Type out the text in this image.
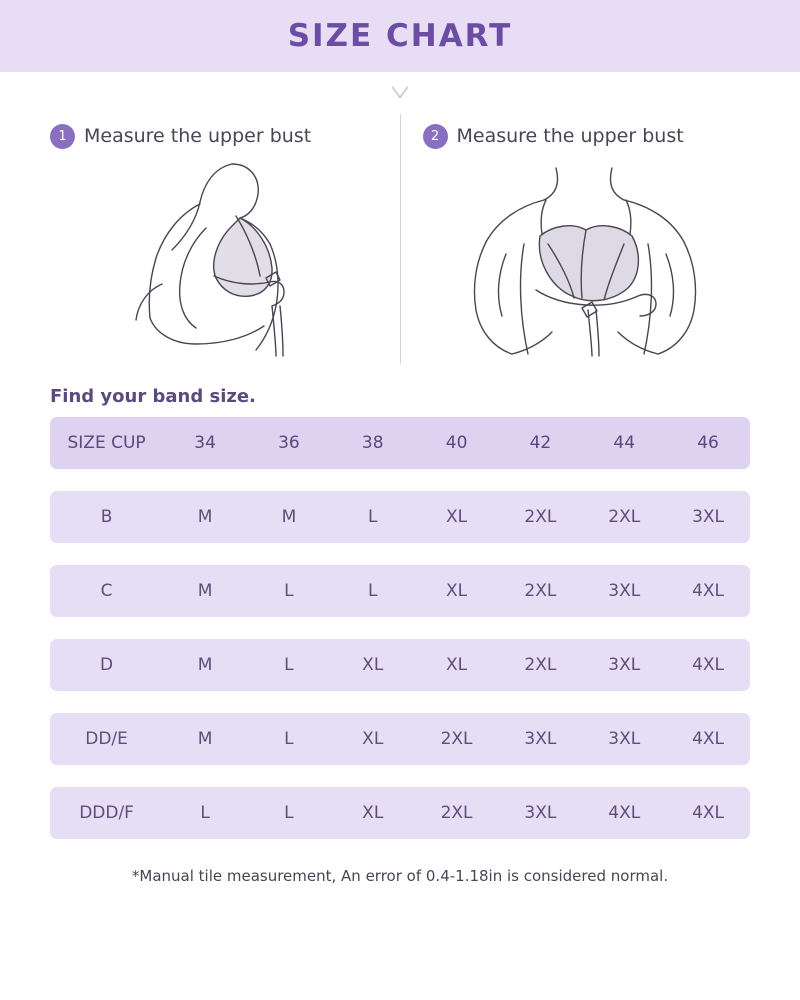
SIZE CHART
1 Measure the upper bust	2 Measure the upper bust
Find your band size.
SIZE CUP	34	36	38	40	42	44	46
B	M	M	L	XL	2XL	2XL	3XL
C	M	L	L	XL	2XL	3XL	4XL
D	M	L	XL	XL	2XL	3XL	4XL
DD/E	M	L	XL	2XL	3XL	3XL	4XL
DDD/F	L	L	XL	2XL	3XL	4XL	4XL
*Manual tile measurement, An error of 0.4-1.18in is considered normal.
